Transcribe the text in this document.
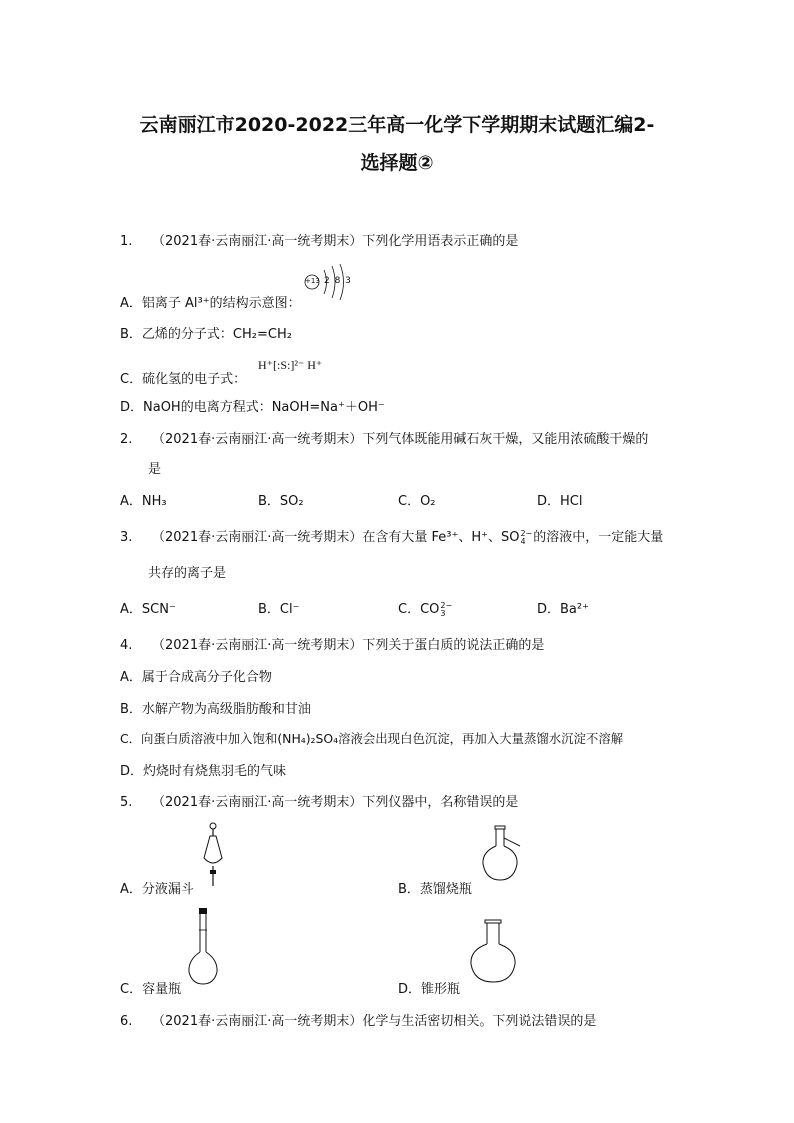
云南丽江市2020-2022三年高一化学下学期期末试题汇编2-
选择题②
1. （2021春·云南丽江·高一统考期末）下列化学用语表示正确的是
A．铝离子 Al³⁺的结构示意图：
+13 2 8 3
B．乙烯的分子式：CH₂=CH₂
C．硫化氢的电子式：
H⁺[:S:]²⁻ H⁺
D．NaOH的电离方程式：NaOH=Na⁺＋OH⁻
2. （2021春·云南丽江·高一统考期末）下列气体既能用碱石灰干燥，又能用浓硫酸干燥的
是
A．NH₃	B．SO₂	C．O₂	D．HCl
3. （2021春·云南丽江·高一统考期末）在含有大量 Fe³⁺、H⁺、SO 2−
4 的溶液中，一定能大量
共存的离子是
A．SCN⁻	B．Cl⁻	C．CO 2−
3	D．Ba²⁺
4. （2021春·云南丽江·高一统考期末）下列关于蛋白质的说法正确的是
A．属于合成高分子化合物
B．水解产物为高级脂肪酸和甘油
C．向蛋白质溶液中加入饱和(NH₄)₂SO₄溶液会出现白色沉淀，再加入大量蒸馏水沉淀不溶解
D．灼烧时有烧焦羽毛的气味
5. （2021春·云南丽江·高一统考期末）下列仪器中，名称错误的是
A．分液漏斗	B．蒸馏烧瓶
C．容量瓶	D．锥形瓶
6. （2021春·云南丽江·高一统考期末）化学与生活密切相关。下列说法错误的是
